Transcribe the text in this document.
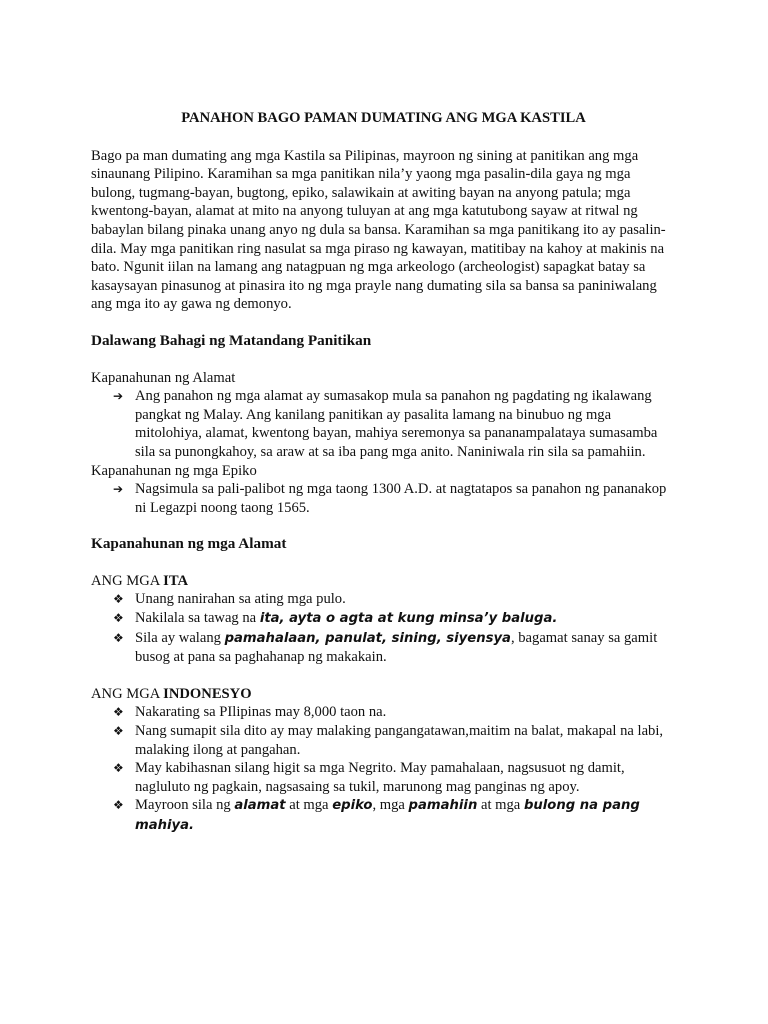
PANAHON BAGO PAMAN DUMATING ANG MGA KASTILA

Bago pa man dumating ang mga Kastila sa Pilipinas, mayroon ng sining at panitikan ang mga sinaunang Pilipino. Karamihan sa mga panitikan nila’y yaong mga pasalin-dila gaya ng mga bulong, tugmang-bayan, bugtong, epiko, salawikain at awiting bayan na anyong patula; mga kwentong-bayan, alamat at mito na anyong tuluyan at ang mga katutubong sayaw at ritwal ng babaylan bilang pinaka unang anyo ng dula sa bansa. Karamihan sa mga panitikang ito ay pasalin-dila. May mga panitikan ring nasulat sa mga piraso ng kawayan, matitibay na kahoy at makinis na bato. Ngunit iilan na lamang ang natagpuan ng mga arkeologo (archeologist) sapagkat batay sa kasaysayan pinasunog at pinasira ito ng mga prayle nang dumating sila sa bansa sa paniniwalang ang mga ito ay gawa ng demonyo.

Dalawang Bahagi ng Matandang Panitikan

Kapanahunan ng Alamat

➔ Ang panahon ng mga alamat ay sumasakop mula sa panahon ng pagdating ng ikalawang pangkat ng Malay. Ang kanilang panitikan ay pasalita lamang na binubuo ng mga mitolohiya, alamat, kwentong bayan, mahiya seremonya sa pananampalataya sumasamba sila sa punongkahoy, sa araw at sa iba pang mga anito. Naniniwala rin sila sa pamahiin.

Kapanahunan ng mga Epiko

➔ Nagsimula sa pali-palibot ng mga taong 1300 A.D. at nagtatapos sa panahon ng pananakop ni Legazpi noong taong 1565.

Kapanahunan ng mga Alamat

ANG MGA ITA

❖ Unang nanirahan sa ating mga pulo.
❖ Nakilala sa tawag na ita, ayta o agta at kung minsa’y baluga.
❖ Sila ay walang pamahalaan, panulat, sining, siyensya, bagamat sanay sa gamit busog at pana sa paghahanap ng makakain.

ANG MGA INDONESYO

❖ Nakarating sa PIlipinas may 8,000 taon na.
❖ Nang sumapit sila dito ay may malaking pangangatawan,maitim na balat, makapal na labi, malaking ilong at pangahan.
❖ May kabihasnan silang higit sa mga Negrito. May pamahalaan, nagsusuot ng damit, nagluluto ng pagkain, nagsasaing sa tukil, marunong mag panginas ng apoy.
❖ Mayroon sila ng alamat at mga epiko, mga pamahiin at mga bulong na pang mahiya.
